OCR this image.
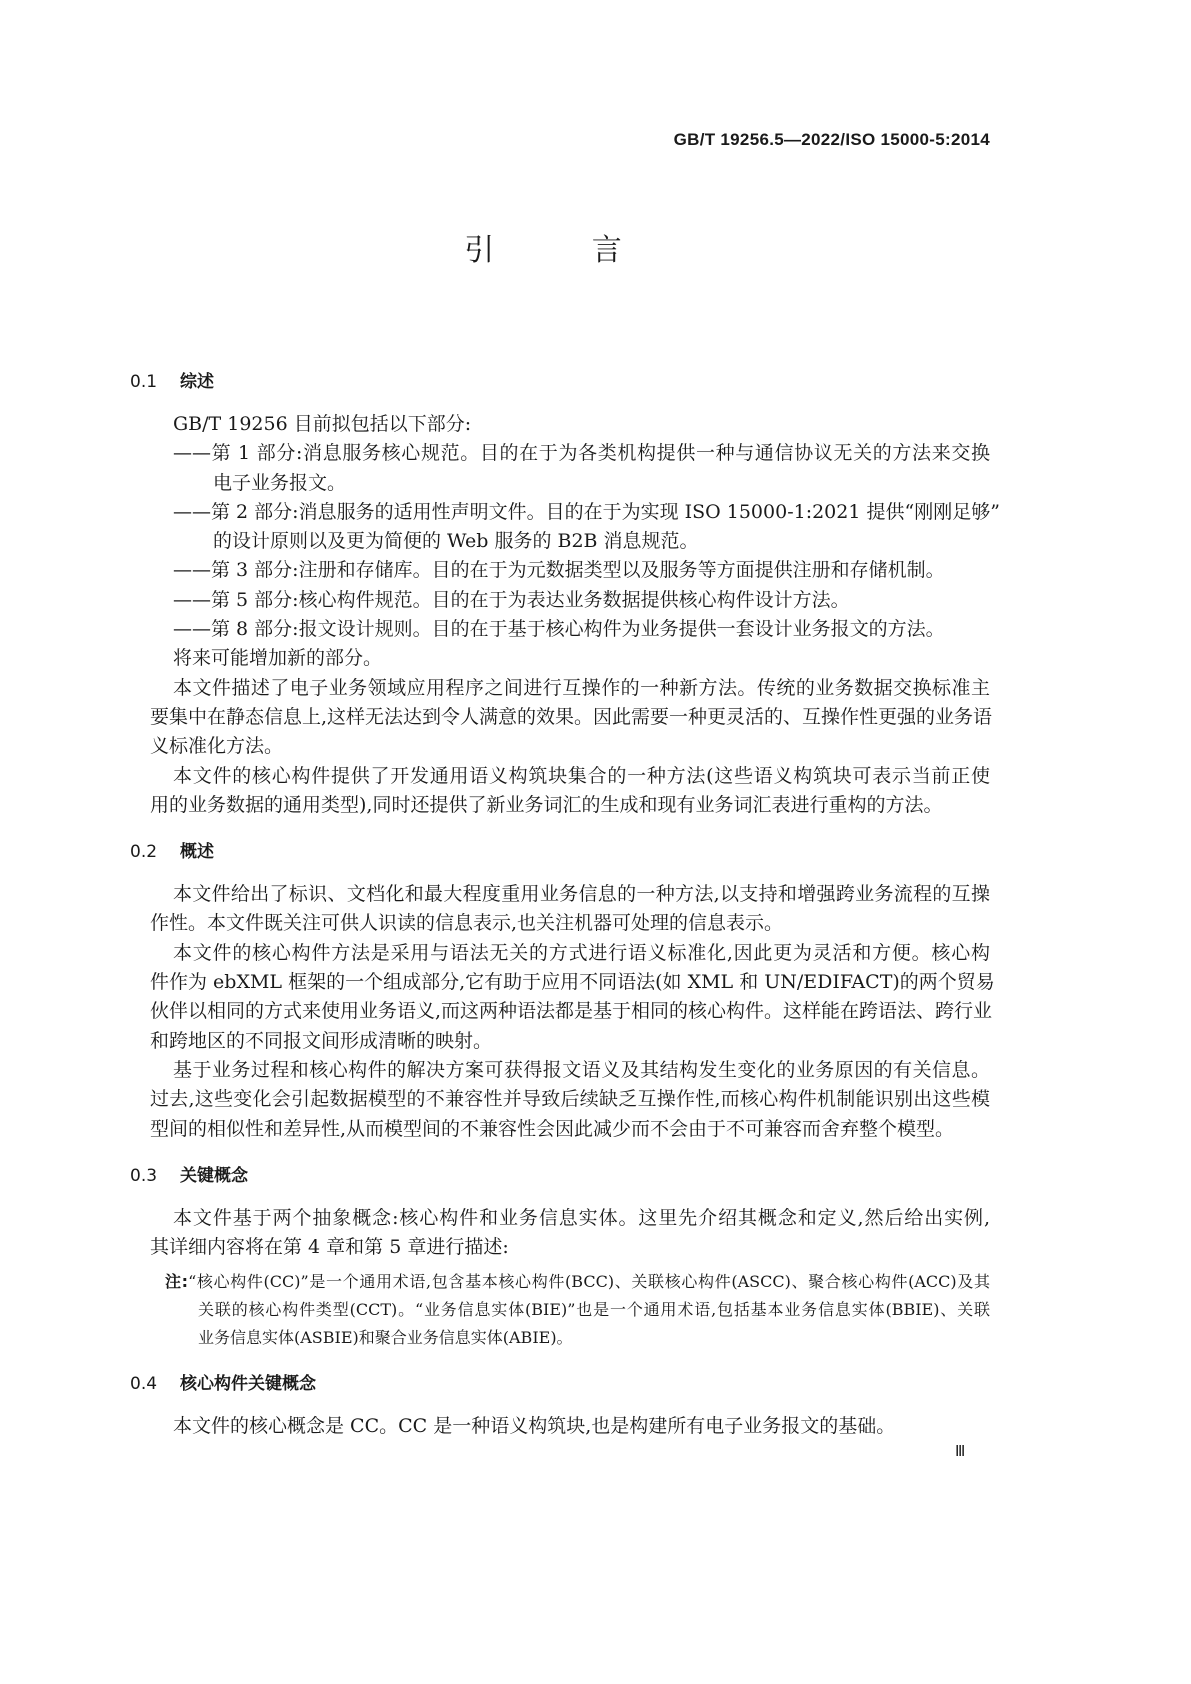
GB/T 19256.5—2022/ISO 15000-5:2014
引 言
0.1 综述
GB/T 19256 目前拟包括以下部分:
——第 1 部分:消息服务核心规范。目的在于为各类机构提供一种与通信协议无关的方法来交换
电子业务报文。
——第 2 部分:消息服务的适用性声明文件。目的在于为实现 ISO 15000-1:2021 提供“刚刚足够”
的设计原则以及更为简便的 Web 服务的 B2B 消息规范。
——第 3 部分:注册和存储库。目的在于为元数据类型以及服务等方面提供注册和存储机制。
——第 5 部分:核心构件规范。目的在于为表达业务数据提供核心构件设计方法。
——第 8 部分:报文设计规则。目的在于基于核心构件为业务提供一套设计业务报文的方法。
将来可能增加新的部分。
本文件描述了电子业务领域应用程序之间进行互操作的一种新方法。传统的业务数据交换标准主
要集中在静态信息上,这样无法达到令人满意的效果。因此需要一种更灵活的、互操作性更强的业务语
义标准化方法。
本文件的核心构件提供了开发通用语义构筑块集合的一种方法(这些语义构筑块可表示当前正使
用的业务数据的通用类型),同时还提供了新业务词汇的生成和现有业务词汇表进行重构的方法。
0.2 概述
本文件给出了标识、文档化和最大程度重用业务信息的一种方法,以支持和增强跨业务流程的互操
作性。本文件既关注可供人识读的信息表示,也关注机器可处理的信息表示。
本文件的核心构件方法是采用与语法无关的方式进行语义标准化,因此更为灵活和方便。核心构
件作为 ebXML 框架的一个组成部分,它有助于应用不同语法(如 XML 和 UN/EDIFACT)的两个贸易
伙伴以相同的方式来使用业务语义,而这两种语法都是基于相同的核心构件。这样能在跨语法、跨行业
和跨地区的不同报文间形成清晰的映射。
基于业务过程和核心构件的解决方案可获得报文语义及其结构发生变化的业务原因的有关信息。
过去,这些变化会引起数据模型的不兼容性并导致后续缺乏互操作性,而核心构件机制能识别出这些模
型间的相似性和差异性,从而模型间的不兼容性会因此减少而不会由于不可兼容而舍弃整个模型。
0.3 关键概念
本文件基于两个抽象概念:核心构件和业务信息实体。这里先介绍其概念和定义,然后给出实例,
其详细内容将在第 4 章和第 5 章进行描述:
注:“核心构件(CC)”是一个通用术语,包含基本核心构件(BCC)、关联核心构件(ASCC)、聚合核心构件(ACC)及其
关联的核心构件类型(CCT)。“业务信息实体(BIE)”也是一个通用术语,包括基本业务信息实体(BBIE)、关联
业务信息实体(ASBIE)和聚合业务信息实体(ABIE)。
0.4 核心构件关键概念
本文件的核心概念是 CC。CC 是一种语义构筑块,也是构建所有电子业务报文的基础。
Ⅲ
